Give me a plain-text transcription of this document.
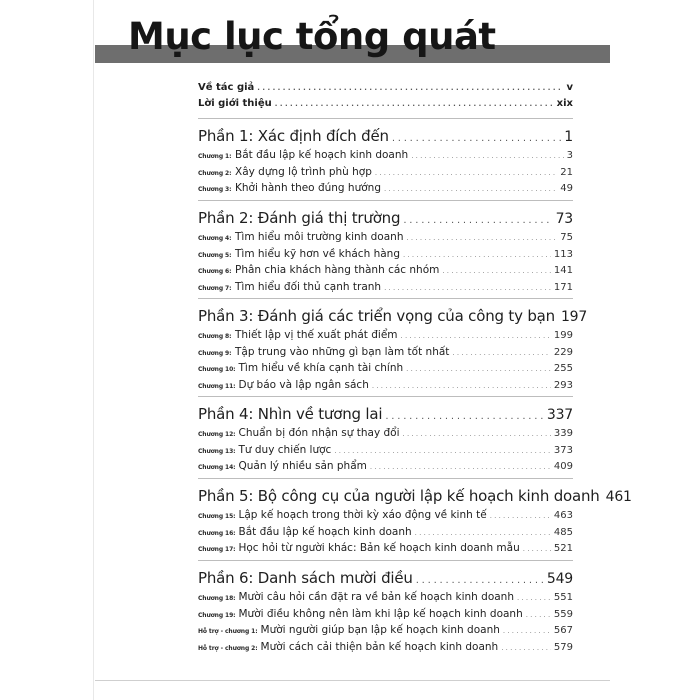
Mục lục tổng quát
Về tác giả . . .	v
Lời giới thiệu . . .	xix
Phần 1: Xác định đích đến . . .	1
Chương 1: Bắt đầu lập kế hoạch kinh doanh . . .	3
Chương 2: Xây dựng lộ trình phù hợp . . .	21
Chương 3: Khởi hành theo đúng hướng . . .	49
Phần 2: Đánh giá thị trường . . .	73
Chương 4: Tìm hiểu môi trường kinh doanh . . .	75
Chương 5: Tìm hiểu kỹ hơn về khách hàng . . .	113
Chương 6: Phân chia khách hàng thành các nhóm . . .	141
Chương 7: Tìm hiểu đối thủ cạnh tranh . . .	171
Phần 3: Đánh giá các triển vọng của công ty bạn 197
Chương 8: Thiết lập vị thế xuất phát điểm . . .	199
Chương 9: Tập trung vào những gì bạn làm tốt nhất . . .	229
Chương 10: Tìm hiểu về khía cạnh tài chính . . .	255
Chương 11: Dự báo và lập ngân sách . . .	293
Phần 4: Nhìn về tương lai . . .	337
Chương 12: Chuẩn bị đón nhận sự thay đổi . . .	339
Chương 13: Tư duy chiến lược . . .	373
Chương 14: Quản lý nhiều sản phẩm . . .	409
Phần 5: Bộ công cụ của người lập kế hoạch kinh doanh 461
Chương 15: Lập kế hoạch trong thời kỳ xáo động về kinh tế . . .	463
Chương 16: Bắt đầu lập kế hoạch kinh doanh . . .	485
Chương 17: Học hỏi từ người khác: Bản kế hoạch kinh doanh mẫu . . .	521
Phần 6: Danh sách mười điều . . .	549
Chương 18: Mười câu hỏi cần đặt ra về bản kế hoạch kinh doanh . . .	551
Chương 19: Mười điều không nên làm khi lập kế hoạch kinh doanh . . .	559
Hỗ trợ - chương 1: Mười người giúp bạn lập kế hoạch kinh doanh . . .	567
Hỗ trợ - chương 2: Mười cách cải thiện bản kế hoạch kinh doanh . . .	579
